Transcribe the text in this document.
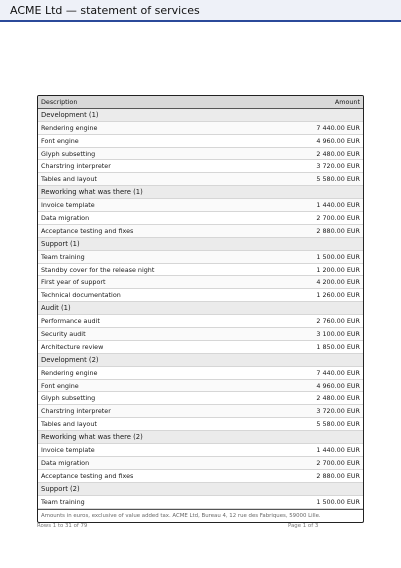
ACME Ltd — statement of services
Description	Amount
Development (1)
Rendering engine	7 440.00 EUR
Font engine	4 960.00 EUR
Glyph subsetting	2 480.00 EUR
Charstring interpreter	3 720.00 EUR
Tables and layout	5 580.00 EUR
Reworking what was there (1)
Invoice template	1 440.00 EUR
Data migration	2 700.00 EUR
Acceptance testing and fixes	2 880.00 EUR
Support (1)
Team training	1 500.00 EUR
Standby cover for the release night	1 200.00 EUR
First year of support	4 200.00 EUR
Technical documentation	1 260.00 EUR
Audit (1)
Performance audit	2 760.00 EUR
Security audit	3 100.00 EUR
Architecture review	1 850.00 EUR
Development (2)
Rendering engine	7 440.00 EUR
Font engine	4 960.00 EUR
Glyph subsetting	2 480.00 EUR
Charstring interpreter	3 720.00 EUR
Tables and layout	5 580.00 EUR
Reworking what was there (2)
Invoice template	1 440.00 EUR
Data migration	2 700.00 EUR
Acceptance testing and fixes	2 880.00 EUR
Support (2)
Team training	1 500.00 EUR
Amounts in euros, exclusive of value added tax. ACME Ltd, Bureau 4, 12 rue des Fabriques, 59000 Lille.
Rows 1 to 31 of 79	Page 1 of 3
